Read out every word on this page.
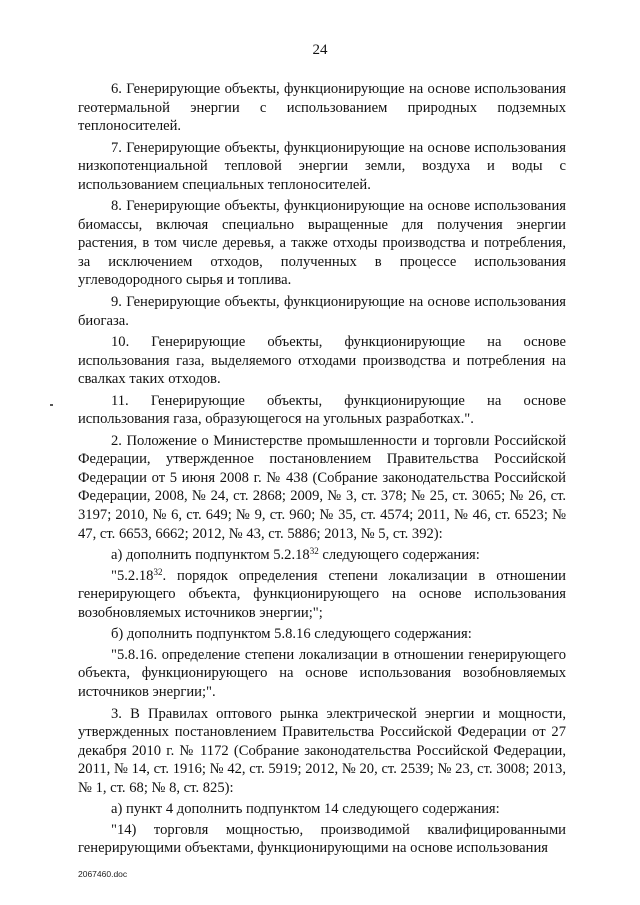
24

6. Генерирующие объекты, функционирующие на основе использования геотермальной энергии с использованием природных подземных теплоносителей.

7. Генерирующие объекты, функционирующие на основе использования низкопотенциальной тепловой энергии земли, воздуха и воды с использованием специальных теплоносителей.

8. Генерирующие объекты, функционирующие на основе использования биомассы, включая специально выращенные для получения энергии растения, в том числе деревья, а также отходы производства и потребления, за исключением отходов, полученных в процессе использования углеводородного сырья и топлива.

9. Генерирующие объекты, функционирующие на основе использования биогаза.

10. Генерирующие объекты, функционирующие на основе использования газа, выделяемого отходами производства и потребления на свалках таких отходов.

11. Генерирующие объекты, функционирующие на основе использования газа, образующегося на угольных разработках.".

2. Положение о Министерстве промышленности и торговли Российской Федерации, утвержденное постановлением Правительства Российской Федерации от 5 июня 2008 г. № 438 (Собрание законодательства Российской Федерации, 2008, № 24, ст. 2868; 2009, № 3, ст. 378; № 25, ст. 3065; № 26, ст. 3197; 2010, № 6, ст. 649; № 9, ст. 960; № 35, ст. 4574; 2011, № 46, ст. 6523; № 47, ст. 6653, 6662; 2012, № 43, ст. 5886; 2013, № 5, ст. 392):

а) дополнить подпунктом 5.2.18$^{32}$ следующего содержания:

"5.2.18$^{32}$. порядок определения степени локализации в отношении генерирующего объекта, функционирующего на основе использования возобновляемых источников энергии;";

б) дополнить подпунктом 5.8.16 следующего содержания:

"5.8.16. определение степени локализации в отношении генерирующего объекта, функционирующего на основе использования возобновляемых источников энергии;".

3. В Правилах оптового рынка электрической энергии и мощности, утвержденных постановлением Правительства Российской Федерации от 27 декабря 2010 г. № 1172 (Собрание законодательства Российской Федерации, 2011, № 14, ст. 1916; № 42, ст. 5919; 2012, № 20, ст. 2539; № 23, ст. 3008; 2013, № 1, ст. 68; № 8, ст. 825):

а) пункт 4 дополнить подпунктом 14 следующего содержания:

"14) торговля мощностью, производимой квалифицированными генерирующими объектами, функционирующими на основе использования

2067460.doc
